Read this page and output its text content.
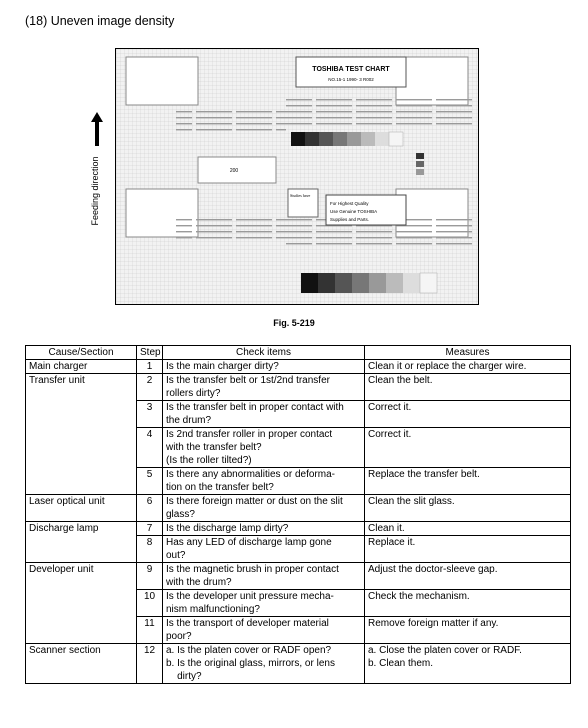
(18) Uneven image density
Feeding direction
TOSHIBA TEST CHART
NO.15-1 1990- 3 R002
200
For Highest Quality
Use Genuine TOSHIBA
Supplies and Parts.
Studies have
Fig. 5-219
Cause/Section	Step	Check items	Measures
Main charger	1	Is the main charger dirty?	Clean it or replace the charger wire.

Transfer unit	2	Is the transfer belt or 1st/2nd transfer
rollers dirty?	Clean the belt.

	3	Is the transfer belt in proper contact with
the drum?	Correct it.

	4	Is 2nd transfer roller in proper contact
with the transfer belt?
(Is the roller tilted?)	Correct it.

	5	Is there any abnormalities or deforma-
tion on the transfer belt?	Replace the transfer belt.

Laser optical unit	6	Is there foreign matter or dust on the slit
glass?	Clean the slit glass.

Discharge lamp	7	Is the discharge lamp dirty?	Clean it.

	8	Has any LED of discharge lamp gone
out?	Replace it.

Developer unit	9	Is the magnetic brush in proper contact
with the drum?	Adjust the doctor-sleeve gap.

	10	Is the developer unit pressure mecha-
nism malfunctioning?	Check the mechanism.

	11	Is the transport of developer material
poor?	Remove foreign matter if any.

Scanner section	12	a. Is the platen cover or RADF open?
b. Is the original glass, mirrors, or lens
dirty?	a. Close the platen cover or RADF.
b. Clean them.
